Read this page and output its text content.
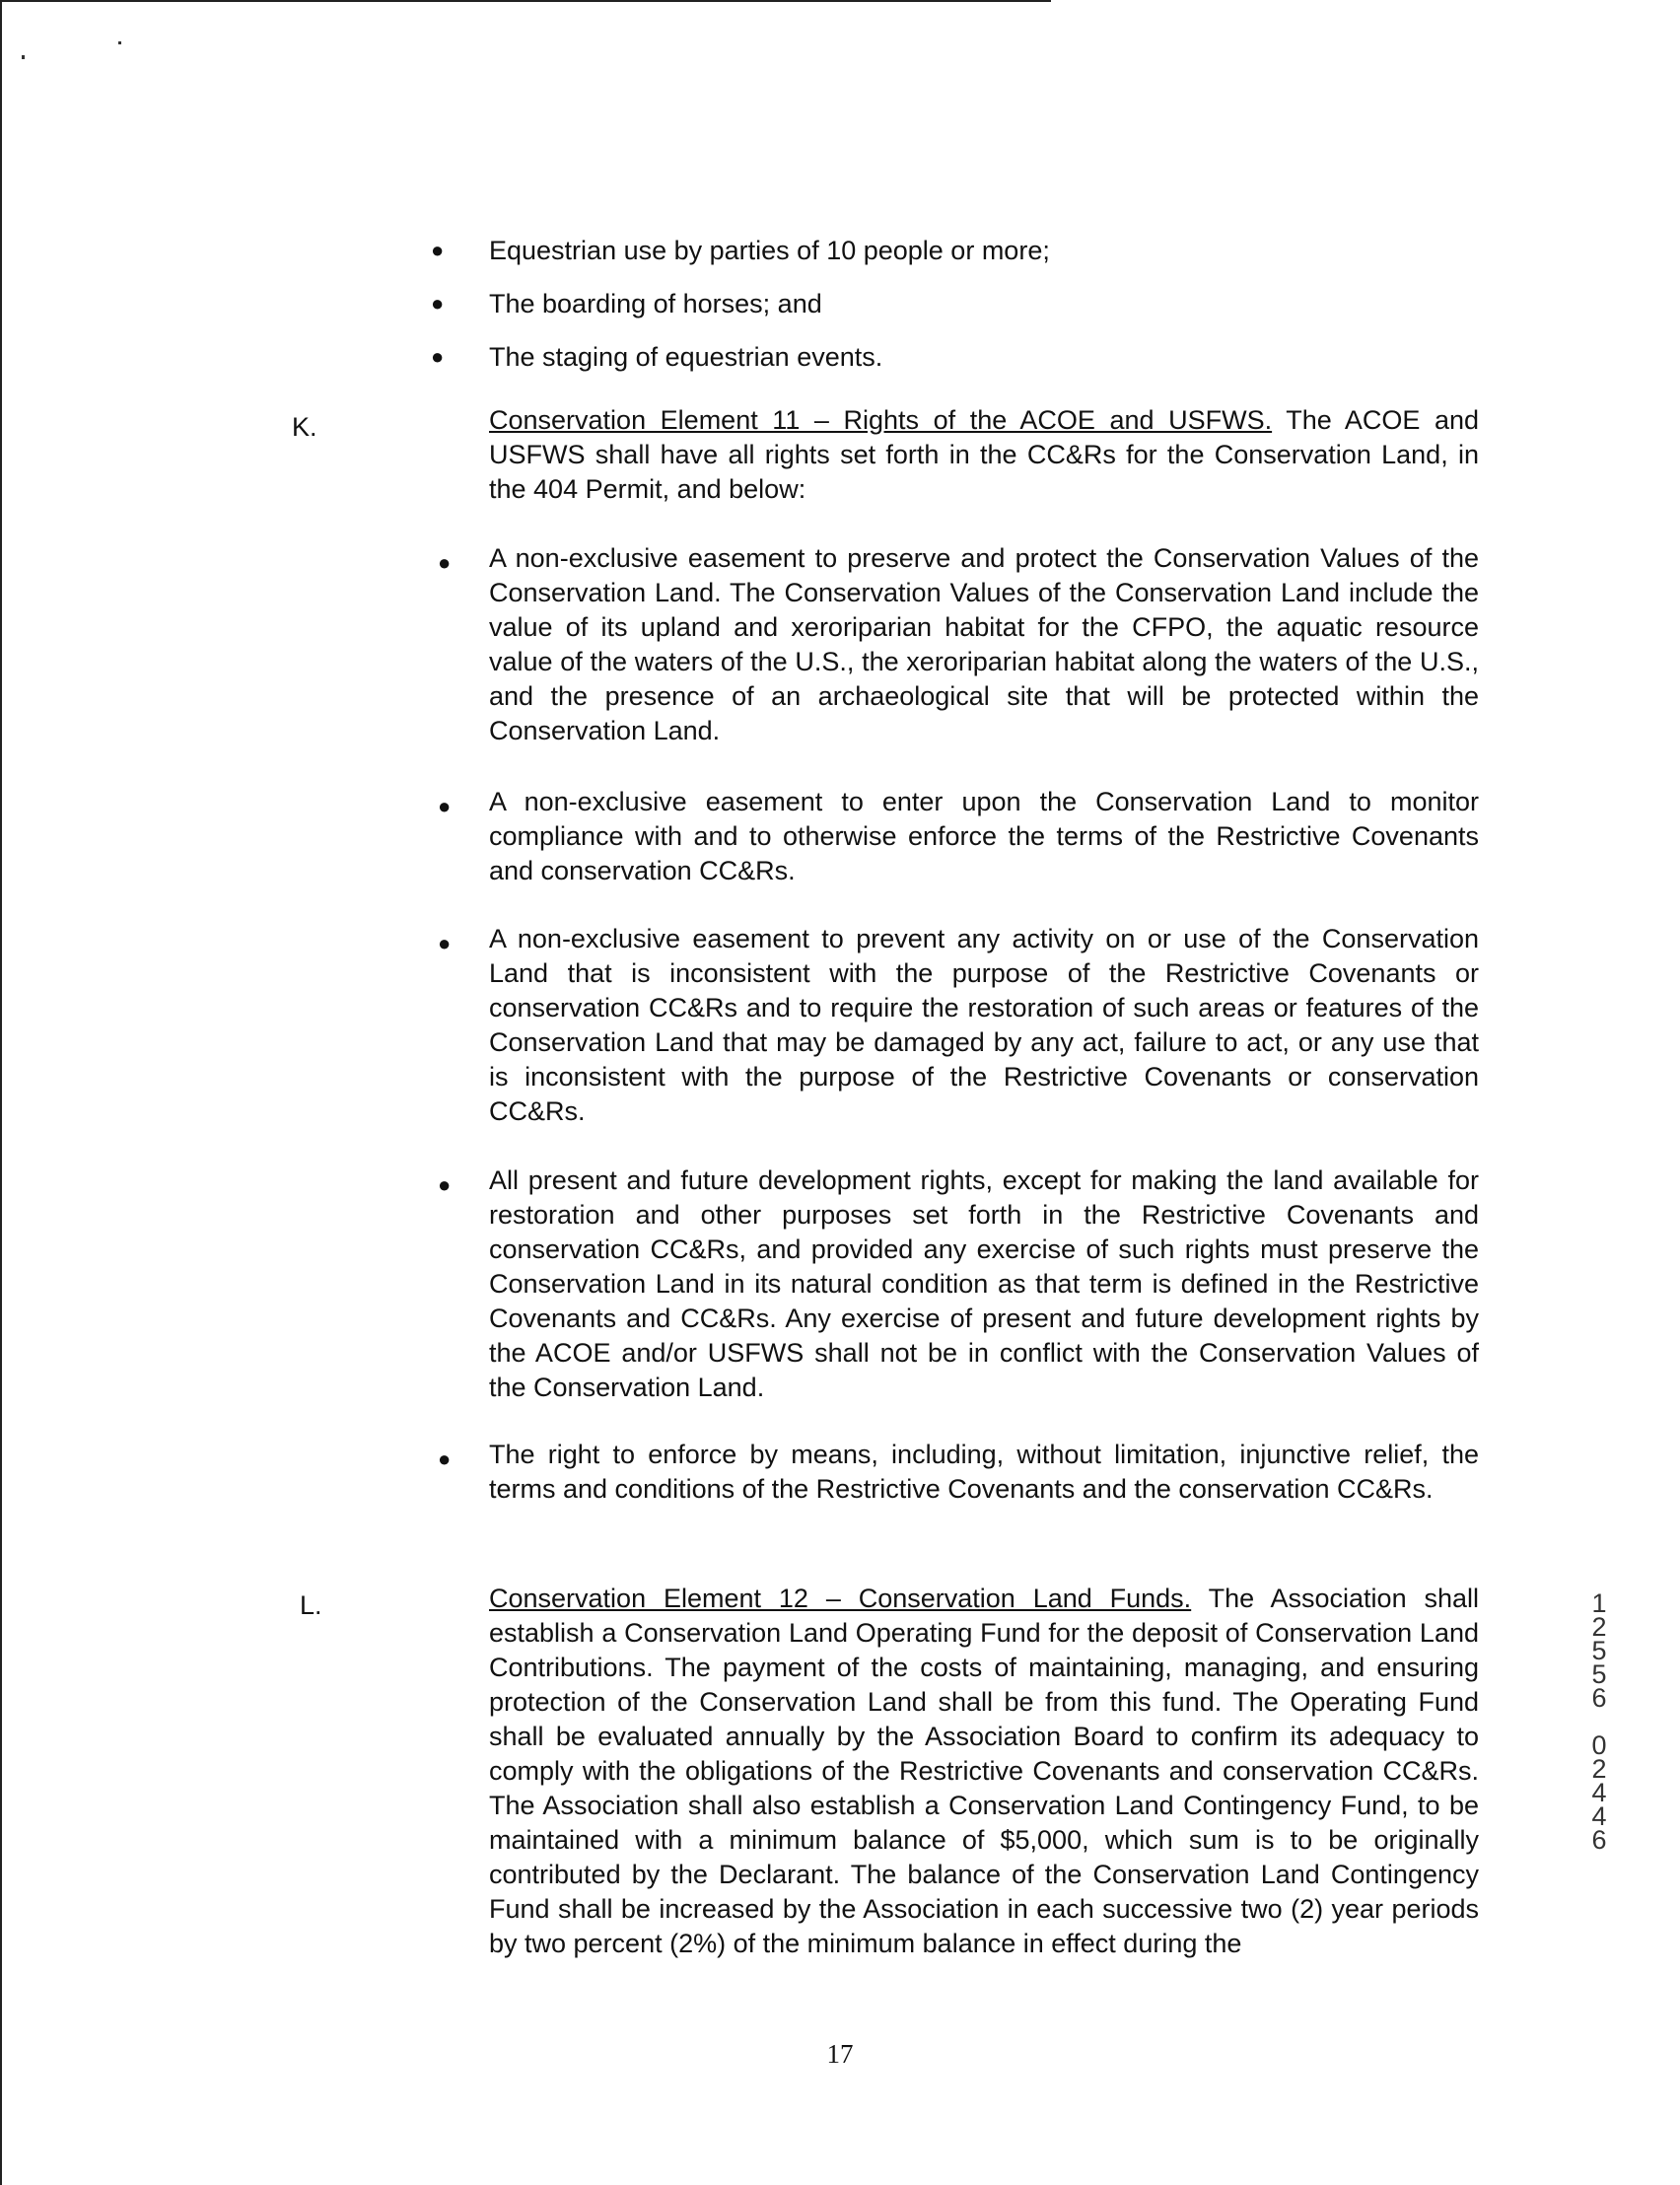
● Equestrian use by parties of 10 people or more;
● The boarding of horses; and
● The staging of equestrian events.
K.	Conservation Element 11 – Rights of the ACOE and USFWS. The ACOE and USFWS shall have all rights set forth in the CC&Rs for the Conservation Land, in the 404 Permit, and below:
● A non-exclusive easement to preserve and protect the Conservation Values of the Conservation Land. The Conservation Values of the Conservation Land include the value of its upland and xeroriparian habitat for the CFPO, the aquatic resource value of the waters of the U.S., the xeroriparian habitat along the waters of the U.S., and the presence of an archaeological site that will be protected within the Conservation Land.
● A non-exclusive easement to enter upon the Conservation Land to monitor compliance with and to otherwise enforce the terms of the Restrictive Covenants and conservation CC&Rs.
● A non-exclusive easement to prevent any activity on or use of the Conservation Land that is inconsistent with the purpose of the Restrictive Covenants or conservation CC&Rs and to require the restoration of such areas or features of the Conservation Land that may be damaged by any act, failure to act, or any use that is inconsistent with the purpose of the Restrictive Covenants or conservation CC&Rs.
● All present and future development rights, except for making the land available for restoration and other purposes set forth in the Restrictive Covenants and conservation CC&Rs, and provided any exercise of such rights must preserve the Conservation Land in its natural condition as that term is defined in the Restrictive Covenants and CC&Rs. Any exercise of present and future development rights by the ACOE and/or USFWS shall not be in conflict with the Conservation Values of the Conservation Land.
● The right to enforce by means, including, without limitation, injunctive relief, the terms and conditions of the Restrictive Covenants and the conservation CC&Rs.
L.	Conservation Element 12 – Conservation Land Funds. The Association shall establish a Conservation Land Operating Fund for the deposit of Conservation Land Contributions. The payment of the costs of maintaining, managing, and ensuring protection of the Conservation Land shall be from this fund. The Operating Fund shall be evaluated annually by the Association Board to confirm its adequacy to comply with the obligations of the Restrictive Covenants and conservation CC&Rs. The Association shall also establish a Conservation Land Contingency Fund, to be maintained with a minimum balance of $5,000, which sum is to be originally contributed by the Declarant. The balance of the Conservation Land Contingency Fund shall be increased by the Association in each successive two (2) year periods by two percent (2%) of the minimum balance in effect during the
1
2
5
5
6
0
2
4
4
6
17
